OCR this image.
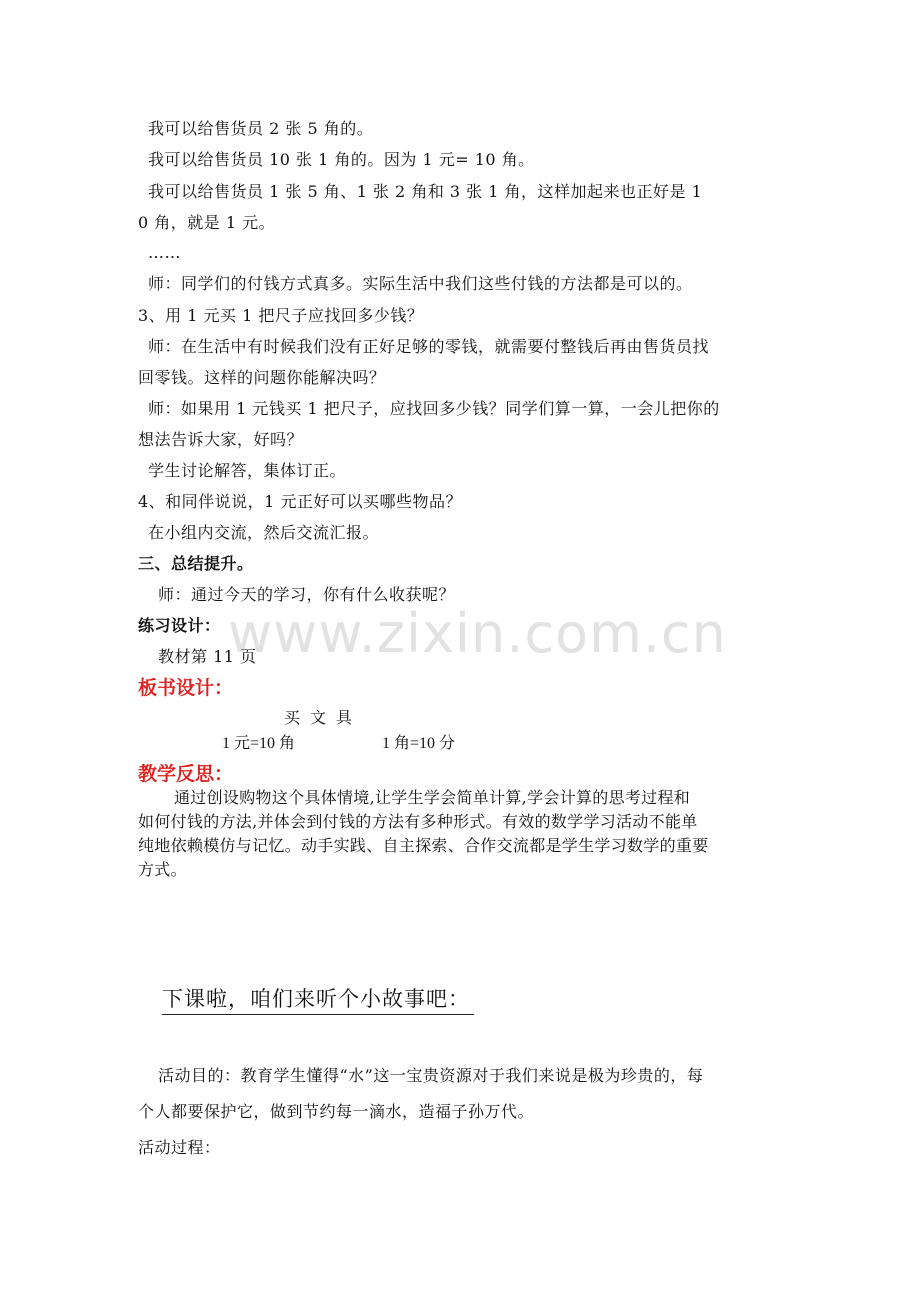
www.zixin.com.cn
我可以给售货员 2 张 5 角的。
我可以给售货员 10 张 1 角的。因为 1 元= 10 角。
我可以给售货员 1 张 5 角、1 张 2 角和 3 张 1 角，这样加起来也正好是 1
0 角，就是 1 元。
……
师：同学们的付钱方式真多。实际生活中我们这些付钱的方法都是可以的。
3、用 1 元买 1 把尺子应找回多少钱？
师：在生活中有时候我们没有正好足够的零钱，就需要付整钱后再由售货员找
回零钱。这样的问题你能解决吗？
师：如果用 1 元钱买 1 把尺子，应找回多少钱？同学们算一算，一会儿把你的
想法告诉大家，好吗？
学生讨论解答，集体订正。
4、和同伴说说，1 元正好可以买哪些物品？
在小组内交流，然后交流汇报。
三、总结提升。
师：通过今天的学习，你有什么收获呢？
练习设计：
教材第 11 页
板书设计：
买 文 具
1 元=10 角	1 角=10 分
教学反思：
通过创设购物这个具体情境,让学生学会简单计算,学会计算的思考过程和
如何付钱的方法,并体会到付钱的方法有多种形式。有效的数学学习活动不能单
纯地依赖模仿与记忆。动手实践、自主探索、合作交流都是学生学习数学的重要
方式。
下课啦，咱们来听个小故事吧：
活动目的：教育学生懂得“水”这一宝贵资源对于我们来说是极为珍贵的，每
个人都要保护它，做到节约每一滴水，造福子孙万代。
活动过程：
